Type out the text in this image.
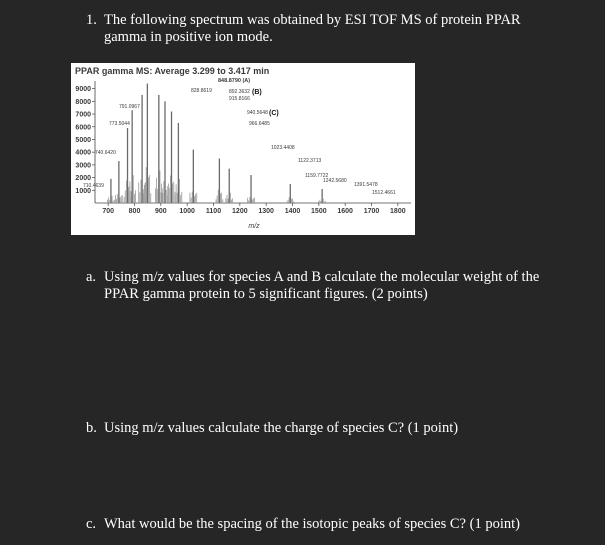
1. The following spectrum was obtained by ESI TOF MS of protein PPAR
gamma in positive ion mode.
PPAR gamma MS: Average 3.299 to 3.417 min
1000
2000
3000
4000
5000
6000
7000
8000
9000
700 800 900 1000 1100 1200 1300 1400 1500 1600 1700 1800
848.8790 (A)
828.8619	892.3632 (B)
915.8166
940.5648 (C)
966.6485
791.0967
773.5044
740.6420
1023.4408
1122.3713
1159.7722
1242.5680
710.4639	1391.5478
1512.4661
m/z
a. Using m/z values for species A and B calculate the molecular weight of the
PPAR gamma protein to 5 significant figures. (2 points)
b. Using m/z values calculate the charge of species C? (1 point)
c. What would be the spacing of the isotopic peaks of species C? (1 point)
